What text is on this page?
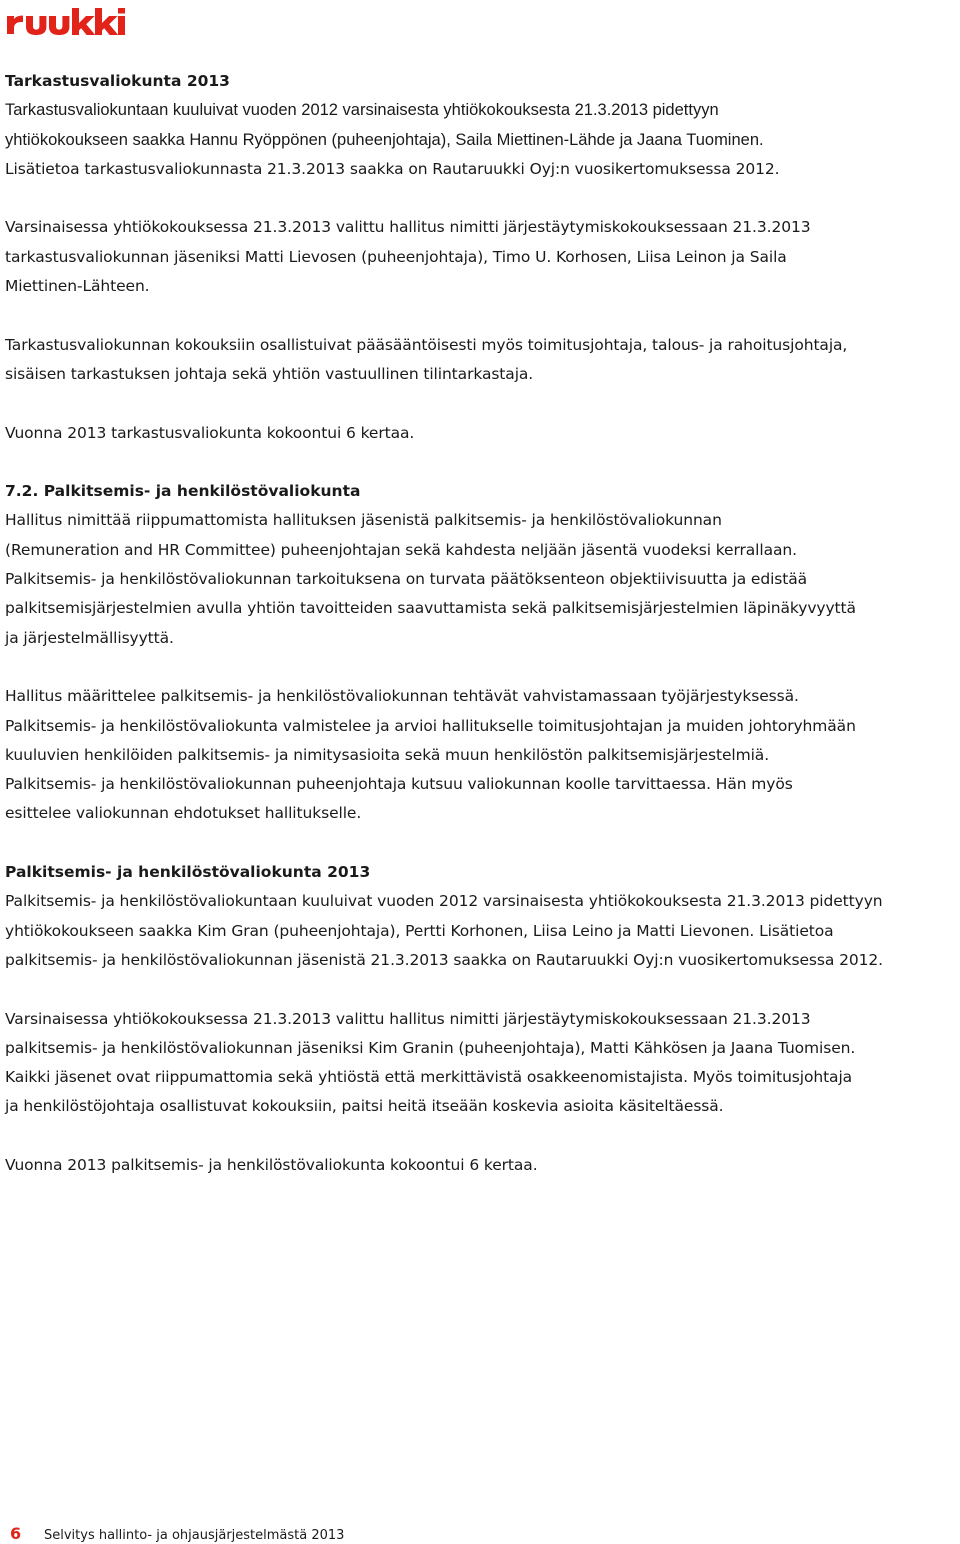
Tarkastusvaliokunta 2013

Tarkastusvaliokuntaan kuuluivat vuoden 2012 varsinaisesta yhtiökokouksesta 21.3.2013 pidettyyn

yhtiökokoukseen saakka Hannu Ryöppönen (puheenjohtaja), Saila Miettinen-Lähde ja Jaana Tuominen.

Lisätietoa tarkastusvaliokunnasta 21.3.2013 saakka on Rautaruukki Oyj:n vuosikertomuksessa 2012.

Varsinaisessa yhtiökokouksessa 21.3.2013 valittu hallitus nimitti järjestäytymiskokouksessaan 21.3.2013

tarkastusvaliokunnan jäseniksi Matti Lievosen (puheenjohtaja), Timo U. Korhosen, Liisa Leinon ja Saila

Miettinen-Lähteen.

Tarkastusvaliokunnan kokouksiin osallistuivat pääsääntöisesti myös toimitusjohtaja, talous- ja rahoitusjohtaja,

sisäisen tarkastuksen johtaja sekä yhtiön vastuullinen tilintarkastaja.

Vuonna 2013 tarkastusvaliokunta kokoontui 6 kertaa.

7.2. Palkitsemis- ja henkilöstövaliokunta

Hallitus nimittää riippumattomista hallituksen jäsenistä palkitsemis- ja henkilöstövaliokunnan

(Remuneration and HR Committee) puheenjohtajan sekä kahdesta neljään jäsentä vuodeksi kerrallaan.

Palkitsemis- ja henkilöstövaliokunnan tarkoituksena on turvata päätöksenteon objektiivisuutta ja edistää

palkitsemisjärjestelmien avulla yhtiön tavoitteiden saavuttamista sekä palkitsemisjärjestelmien läpinäkyvyyttä

ja järjestelmällisyyttä.

Hallitus määrittelee palkitsemis- ja henkilöstövaliokunnan tehtävät vahvistamassaan työjärjestyksessä.

Palkitsemis- ja henkilöstövaliokunta valmistelee ja arvioi hallitukselle toimitusjohtajan ja muiden johtoryhmään

kuuluvien henkilöiden palkitsemis- ja nimitysasioita sekä muun henkilöstön palkitsemisjärjestelmiä.

Palkitsemis- ja henkilöstövaliokunnan puheenjohtaja kutsuu valiokunnan koolle tarvittaessa. Hän myös

esittelee valiokunnan ehdotukset hallitukselle.

Palkitsemis- ja henkilöstövaliokunta 2013

Palkitsemis- ja henkilöstövaliokuntaan kuuluivat vuoden 2012 varsinaisesta yhtiökokouksesta 21.3.2013 pidettyyn

yhtiökokoukseen saakka Kim Gran (puheenjohtaja), Pertti Korhonen, Liisa Leino ja Matti Lievonen. Lisätietoa

palkitsemis- ja henkilöstövaliokunnan jäsenistä 21.3.2013 saakka on Rautaruukki Oyj:n vuosikertomuksessa 2012.

Varsinaisessa yhtiökokouksessa 21.3.2013 valittu hallitus nimitti järjestäytymiskokouksessaan 21.3.2013

palkitsemis- ja henkilöstövaliokunnan jäseniksi Kim Granin (puheenjohtaja), Matti Kähkösen ja Jaana Tuomisen.

Kaikki jäsenet ovat riippumattomia sekä yhtiöstä että merkittävistä osakkeenomistajista. Myös toimitusjohtaja

ja henkilöstöjohtaja osallistuvat kokouksiin, paitsi heitä itseään koskevia asioita käsiteltäessä.

Vuonna 2013 palkitsemis- ja henkilöstövaliokunta kokoontui 6 kertaa.

6	Selvitys hallinto- ja ohjausjärjestelmästä 2013
